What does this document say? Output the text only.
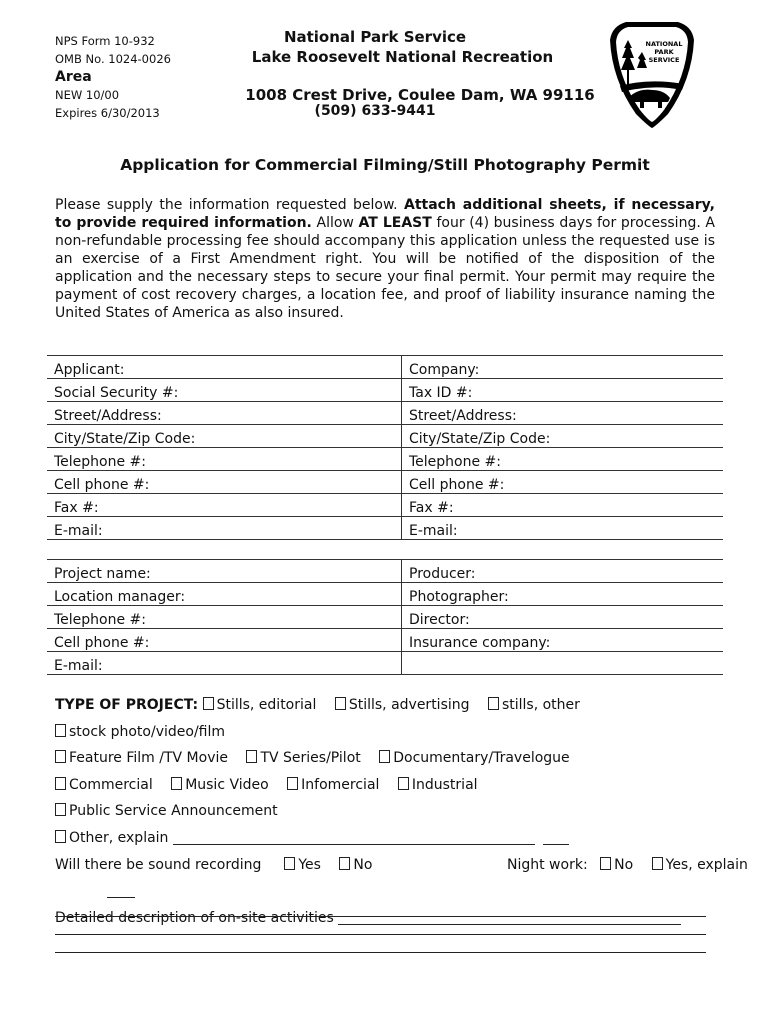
NPS Form 10-932
OMB No. 1024-0026
Area
NEW 10/00
Expires 6/30/2013
National Park Service
Lake Roosevelt National Recreation
1008 Crest Drive, Coulee Dam, WA 99116
(509) 633-9441
NATIONAL
PARK
SERVICE
Application for Commercial Filming/Still Photography Permit
Please supply the information requested below. Attach additional sheets, if necessary, to provide required information. Allow AT LEAST four (4) business days for processing. A non-refundable processing fee should accompany this application unless the requested use is an exercise of a First Amendment right. You will be notified of the disposition of the application and the necessary steps to secure your final permit. Your permit may require the payment of cost recovery charges, a location fee, and proof of liability insurance naming the United States of America as also insured.
Applicant:	Company:
Social Security #:	Tax ID #:
Street/Address:	Street/Address:
City/State/Zip Code:	City/State/Zip Code:
Telephone #:	Telephone #:
Cell phone #:	Cell phone #:
Fax #:	Fax #:
E-mail:	E-mail:
Project name:	Producer:
Location manager:	Photographer:
Telephone #:	Director:
Cell phone #:	Insurance company:
E-mail:	
TYPE OF PROJECT: Stills, editorial Stills, advertising stills, other stock photo/video/film
Feature Film /TV Movie TV Series/Pilot Documentary/Travelogue
Commercial Music Video Infomercial Industrial
Public Service Announcement
Other, explain
Will there be sound recording	Yes No	Night work: No Yes, explain
Detailed description of on-site activities
